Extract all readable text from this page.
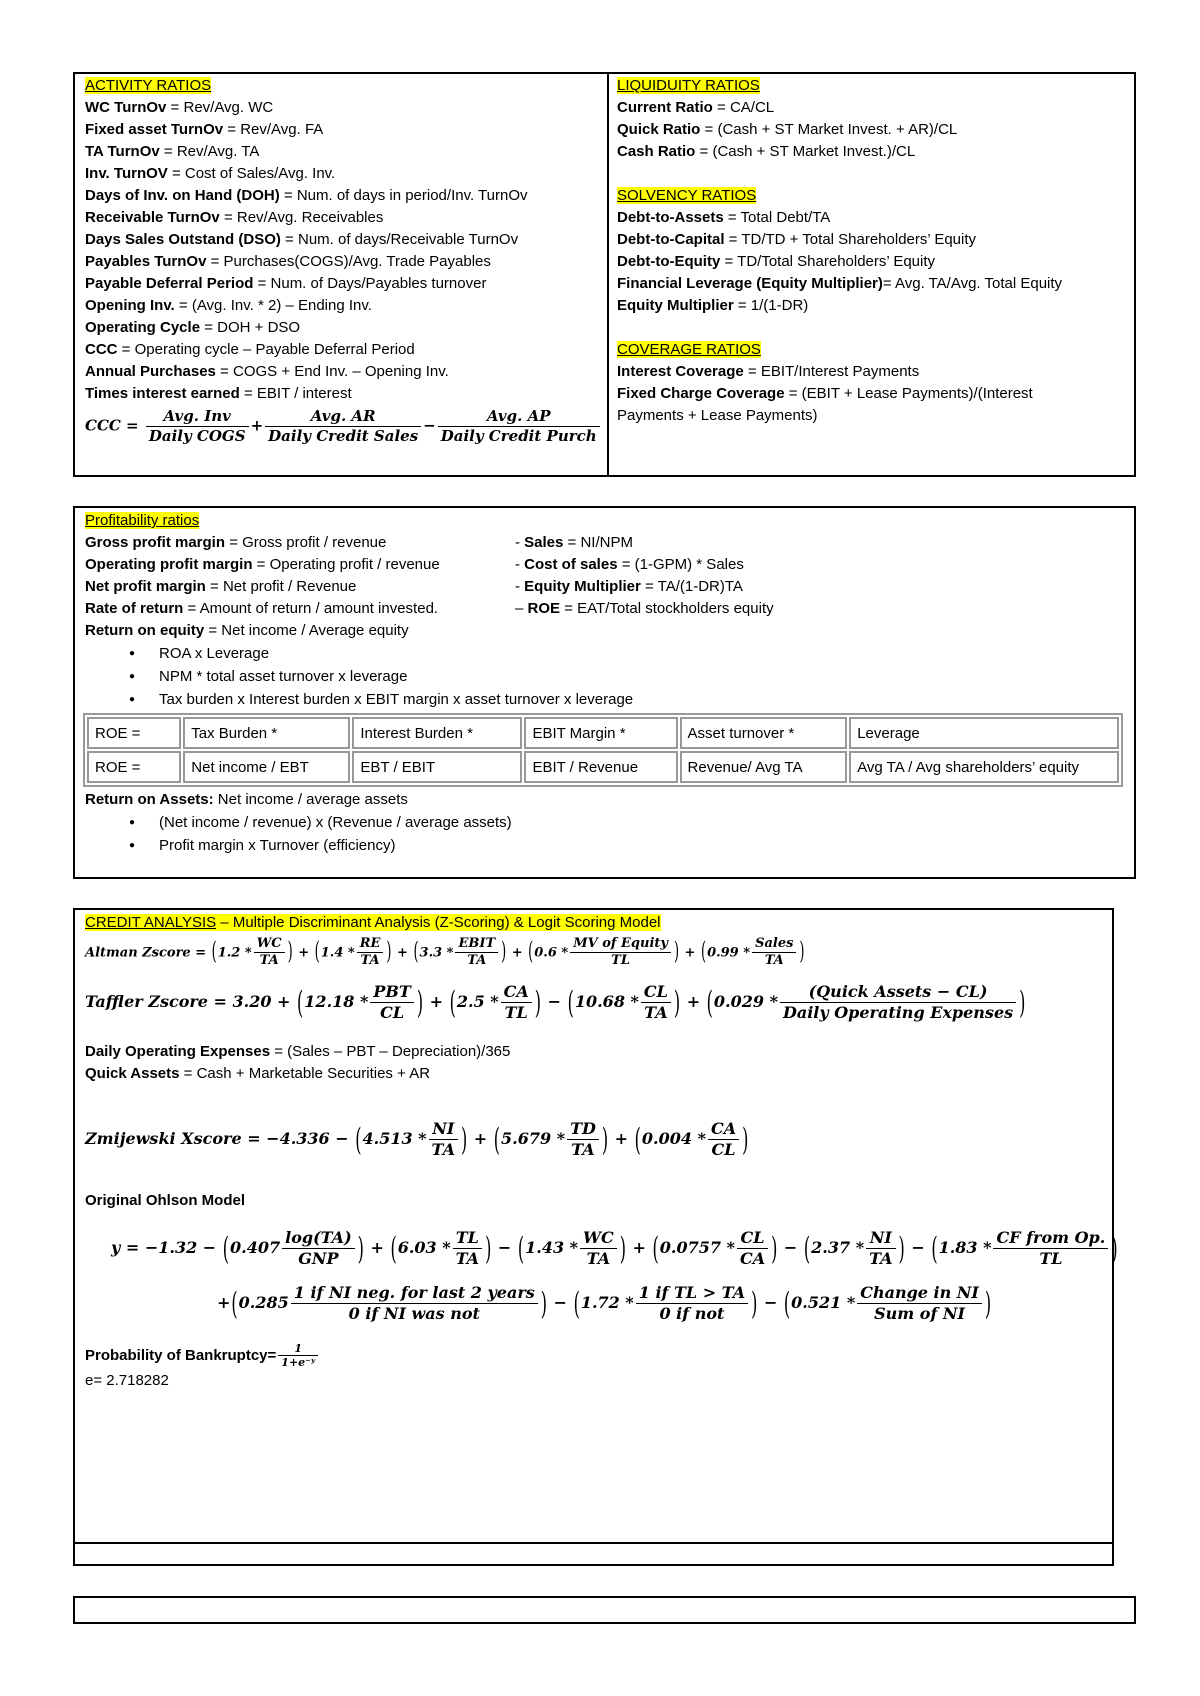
ACTIVITY RATIOS
WC TurnOv = Rev/Avg. WC
Fixed asset TurnOv = Rev/Avg. FA
TA TurnOv = Rev/Avg. TA
Inv. TurnOV = Cost of Sales/Avg. Inv.
Days of Inv. on Hand (DOH) = Num. of days in period/Inv. TurnOv
Receivable TurnOv = Rev/Avg. Receivables
Days Sales Outstand (DSO) = Num. of days/Receivable TurnOv
Payables TurnOv = Purchases(COGS)/Avg. Trade Payables
Payable Deferral Period = Num. of Days/Payables turnover
Opening Inv. = (Avg. Inv. * 2) – Ending Inv.
Operating Cycle = DOH + DSO
CCC = Operating cycle – Payable Deferral Period
Annual Purchases = COGS + End Inv. – Opening Inv.
Times interest earned = EBIT / interest
CCC = $\frac{\text{Avg. Inv}}{\text{Daily COGS}} + \frac{\text{Avg. AR}}{\text{Daily Credit Sales}} - \frac{\text{Avg. AP}}{\text{Daily Credit Purch}}$
LIQUIDUITY RATIOS
Current Ratio = CA/CL
Quick Ratio = (Cash + ST Market Invest. + AR)/CL
Cash Ratio = (Cash + ST Market Invest.)/CL
SOLVENCY RATIOS
Debt-to-Assets = Total Debt/TA
Debt-to-Capital = TD/TD + Total Shareholders’ Equity
Debt-to-Equity = TD/Total Shareholders’ Equity
Financial Leverage (Equity Multiplier)= Avg. TA/Avg. Total Equity
Equity Multiplier = 1/(1-DR)
COVERAGE RATIOS
Interest Coverage = EBIT/Interest Payments
Fixed Charge Coverage = (EBIT + Lease Payments)/(Interest
Payments + Lease Payments)
Profitability ratios
Gross profit margin = Gross profit / revenue
Operating profit margin = Operating profit / revenue
Net profit margin = Net profit / Revenue
Rate of return = Amount of return / amount invested.
Return on equity = Net income / Average equity
- Sales = NI/NPM
- Cost of sales = (1-GPM) * Sales
- Equity Multiplier = TA/(1-DR)TA
– ROE = EAT/Total stockholders equity
● ROA x Leverage
● NPM * total asset turnover x leverage
● Tax burden x Interest burden x EBIT margin x asset turnover x leverage
ROE =	Tax Burden *	Interest Burden *	EBIT Margin *	Asset turnover *	Leverage
ROE =	Net income / EBT	EBT / EBIT	EBIT / Revenue	Revenue/ Avg TA	Avg TA / Avg shareholders’ equity
Return on Assets: Net income / average assets
● (Net income / revenue) x (Revenue / average assets)
● Profit margin x Turnover (efficiency)
CREDIT ANALYSIS – Multiple Discriminant Analysis (Z-Scoring) & Logit Scoring Model
Altman Zscore = ($1.2 * \frac{WC}{TA}$ ) + ($1.4 * \frac{RE}{TA}$ ) + ($3.3 * \frac{\text{EBIT}}{TA}$ ) + ($0.6 * \frac{\text{MV of Equity}}{TL}$ ) + ($0.99 * \frac{\text{Sales}}{TA}$ )
Taffler Zscore = $3.20 + (12.18 * \frac{\text{PBT}}{CL}$ ) + ($2.5 * \frac{CA}{TL}$ ) − ($10.68 * \frac{CL}{TA}$ ) + ($0.029 * \frac{\text{(Quick Assets − CL)}}{\text{Daily Operating Expenses}}$ )
Daily Operating Expenses = (Sales – PBT – Depreciation)/365
Quick Assets = Cash + Marketable Securities + AR
Zmijewski Xscore = $-4.336 - (4.513 * \frac{NI}{TA}$ ) + ($5.679 * \frac{TD}{TA}$ ) + ($0.004 * \frac{CA}{CL}$ )
Original Ohlson Model
$y = -1.32 - (0.407 \frac{\log(TA)}{\text{GNP}}$ ) + ($6.03 * \frac{TL}{TA}$ ) − ($1.43 * \frac{WC}{TA}$ ) + ($0.0757 * \frac{CL}{CA}$ ) − ($2.37 * \frac{NI}{TA}$ ) − ($1.83 * \frac{\text{CF from Op.}}{TL}$ )
$+(0.285 \frac{\text{1 if NI neg. for last 2 years}}{\text{0 if NI was not}}$ ) − ($1.72 * \frac{\text{1 if TL > TA}}{\text{0 if not}}$ ) − ($0.521 * \frac{\text{Change in NI}}{\text{Sum of NI}}$ )
Probability of Bankruptcy= $\frac{1}{\text{1+e⁻ʸ}}$
e= 2.718282
